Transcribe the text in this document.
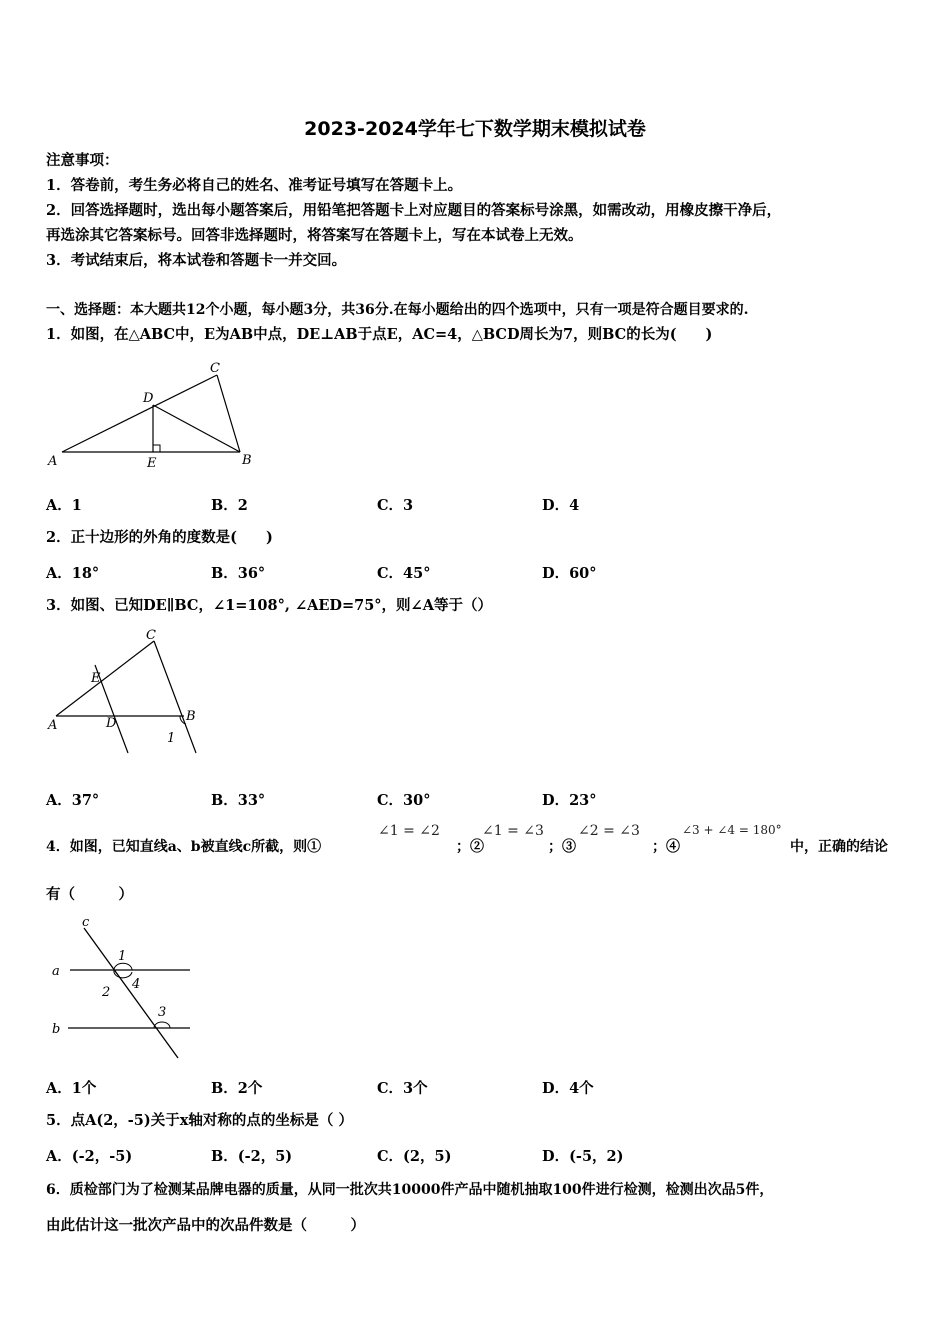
2023-2024学年七下数学期末模拟试卷
注意事项：
1．答卷前，考生务必将自己的姓名、准考证号填写在答题卡上。
2．回答选择题时，选出每小题答案后，用铅笔把答题卡上对应题目的答案标号涂黑，如需改动，用橡皮擦干净后，
再选涂其它答案标号。回答非选择题时，将答案写在答题卡上，写在本试卷上无效。
3．考试结束后，将本试卷和答题卡一并交回。
一、选择题：本大题共12个小题，每小题3分，共36分.在每小题给出的四个选项中，只有一项是符合题目要求的.
1．如图，在△ABC中，E为AB中点，DE⊥AB于点E，AC=4，△BCD周长为7，则BC的长为(　　)
A	E	B
D
C
A．1	B．2	C．3	D．4
2．正十边形的外角的度数是(　　)
A．18°	B．36°	C．45°	D．60°
3．如图、已知DE∥BC，∠1=108°, ∠AED=75°，则∠A等于（）
A	D	B
E
C
1
A．37°	B．33°	C．30°	D．23°
4．如图，已知直线a、b被直线c所截，则①
∠1 = ∠2
；②
∠1 = ∠3
；③
∠2 = ∠3
；④
∠3 + ∠4 = 180°
中，正确的结论
有（　　　）
c
a
b
1
2
4
3
A．1个	B．2个	C．3个	D．4个
5．点A(2，-5)关于x轴对称的点的坐标是（ ）
A．(-2，-5)	B．(-2，5)	C．(2，5)	D．(-5，2)
6．质检部门为了检测某品牌电器的质量，从同一批次共10000件产品中随机抽取100件进行检测，检测出次品5件，
由此估计这一批次产品中的次品件数是（　　　）
